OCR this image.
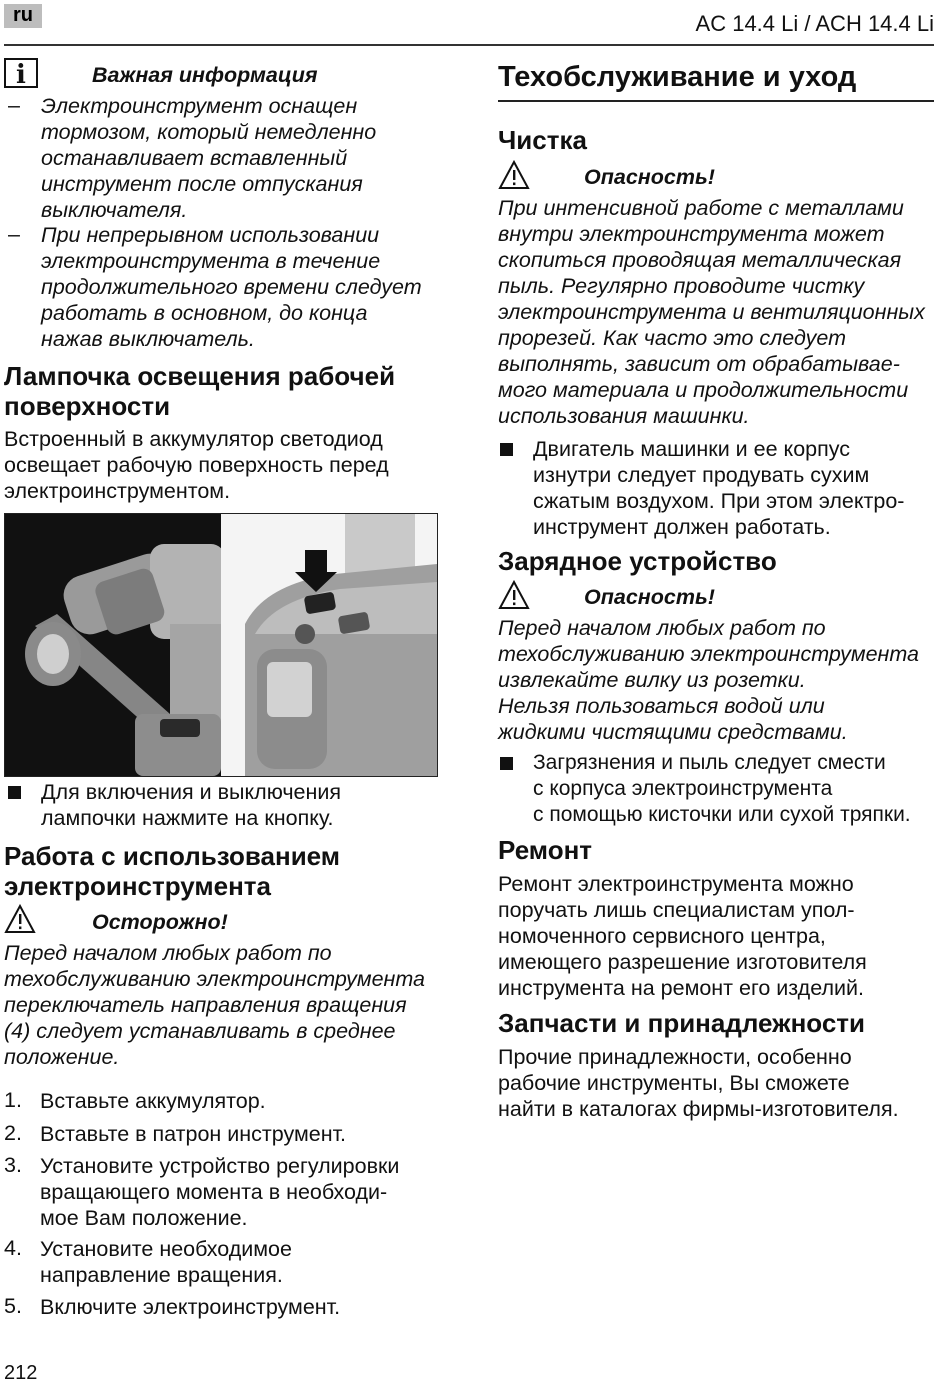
ru	AC 14.4 Li / ACH 14.4 Li
i	Важная информация
– Электроинструмент оснащен
тормозом, который немедленно
останавливает вставленный
инструмент после отпускания
выключателя.
– При непрерывном использовании
электроинструмента в течение
продолжительного времени следует
работать в основном, до конца
нажав выключатель.
Лампочка освещения рабочей
поверхности
Встроенный в аккумулятор светодиод
освещает рабочую поверхность перед
электроинструментом.
Для включения и выключения
лампочки нажмите на кнопку.
Работа с использованием
электроинструмента
Осторожно!
Перед началом любых работ по
техобслуживанию электроинструмента
переключатель направления вращения
(4) следует устанавливать в среднее
положение.
1. Вставьте аккумулятор.
2. Вставьте в патрон инструмент.
3. Установите устройство регулировки
вращающего момента в необходи-
мое Вам положение.
4. Установите необходимое
направление вращения.
5. Включите электроинструмент.
Техобслуживание и уход
Чистка
Опасность!
При интенсивной работе с металлами
внутри электроинструмента может
скопиться проводящая металлическая
пыль. Регулярно проводите чистку
электроинструмента и вентиляционных
прорезей. Как часто это следует
выполнять, зависит от обрабатывае-
мого материала и продолжительности
использования машинки.
Двигатель машинки и ее корпус
изнутри следует продувать сухим
сжатым воздухом. При этом электро-
инструмент должен работать.
Зарядное устройство
Опасность!
Перед началом любых работ по
техобслуживанию электроинструмента
извлекайте вилку из розетки.
Нельзя пользоваться водой или
жидкими чистящими средствами.
Загрязнения и пыль следует смести
с корпуса электроинструмента
с помощью кисточки или сухой тряпки.
Ремонт
Ремонт электроинструмента можно
поручать лишь специалистам упол-
номоченного сервисного центра,
имеющего разрешение изготовителя
инструмента на ремонт его изделий.
Запчасти и принадлежности
Прочие принадлежности, особенно
рабочие инструменты, Вы сможете
найти в каталогах фирмы-изготовителя.
212
